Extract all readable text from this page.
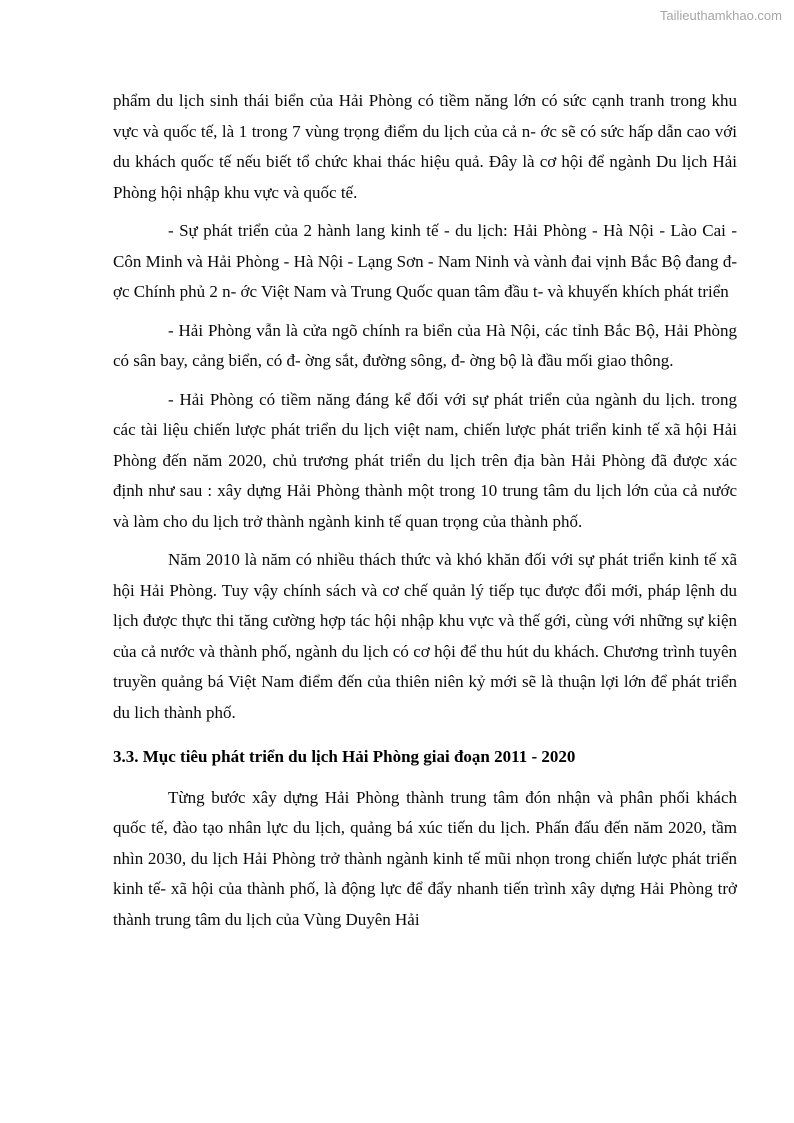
Tailieuthamkhao.com

phẩm du lịch sinh thái biển của Hải Phòng có tiềm năng lớn có sức cạnh tranh trong khu vực và quốc tế, là 1 trong 7 vùng trọng điểm du lịch của cả n- ớc sẽ có sức hấp dẫn cao với du khách quốc tế nếu biết tổ chức khai thác hiệu quả. Đây là cơ hội để ngành Du lịch Hải Phòng hội nhập khu vực và quốc tế.

- Sự phát triển của 2 hành lang kinh tế - du lịch: Hải Phòng - Hà Nội - Lào Cai - Côn Minh và Hải Phòng - Hà Nội - Lạng Sơn - Nam Ninh và vành đai vịnh Bắc Bộ đang đ- ợc Chính phủ 2 n- ớc Việt Nam và Trung Quốc quan tâm đầu t- và khuyến khích phát triển

- Hải Phòng vẫn là cửa ngõ chính ra biển của Hà Nội, các tỉnh Bắc Bộ, Hải Phòng có sân bay, cảng biển, có đ- ờng sắt, đường sông, đ- ờng bộ là đầu mối giao thông.

- Hải Phòng có tiềm năng đáng kể đối với sự phát triển của ngành du lịch. trong các tài liệu chiến lược phát triển du lịch việt nam, chiến lược phát triển kinh tế xã hội Hải Phòng đến năm 2020, chủ trương phát triển du lịch trên địa bàn Hải Phòng đã được xác định như sau : xây dựng Hải Phòng thành một trong 10 trung tâm du lịch lớn của cả nước và làm cho du lịch trở thành ngành kinh tế quan trọng của thành phố.

Năm 2010 là năm có nhiều thách thức và khó khăn đối với sự phát triển kinh tế xã hội Hải Phòng. Tuy vậy chính sách và cơ chế quản lý tiếp tục được đổi mới, pháp lệnh du lịch được thực thi tăng cường hợp tác hội nhập khu vực và thế gới, cùng với những sự kiện của cả nước và thành phố, ngành du lịch có cơ hội để thu hút du khách. Chương trình tuyên truyền quảng bá Việt Nam điểm đến của thiên niên kỷ mới sẽ là thuận lợi lớn để phát triển du lich thành phố.

3.3. Mục tiêu phát triển du lịch Hải Phòng giai đoạn 2011 - 2020

Từng bước xây dựng Hải Phòng thành trung tâm đón nhận và phân phối khách quốc tế, đào tạo nhân lực du lịch, quảng bá xúc tiến du lịch. Phấn đấu đến năm 2020, tầm nhìn 2030, du lịch Hải Phòng trở thành ngành kinh tế mũi nhọn trong chiến lược phát triển kinh tế- xã hội của thành phố, là động lực để đẩy nhanh tiến trình xây dựng Hải Phòng trở thành trung tâm du lịch của Vùng Duyên Hải
